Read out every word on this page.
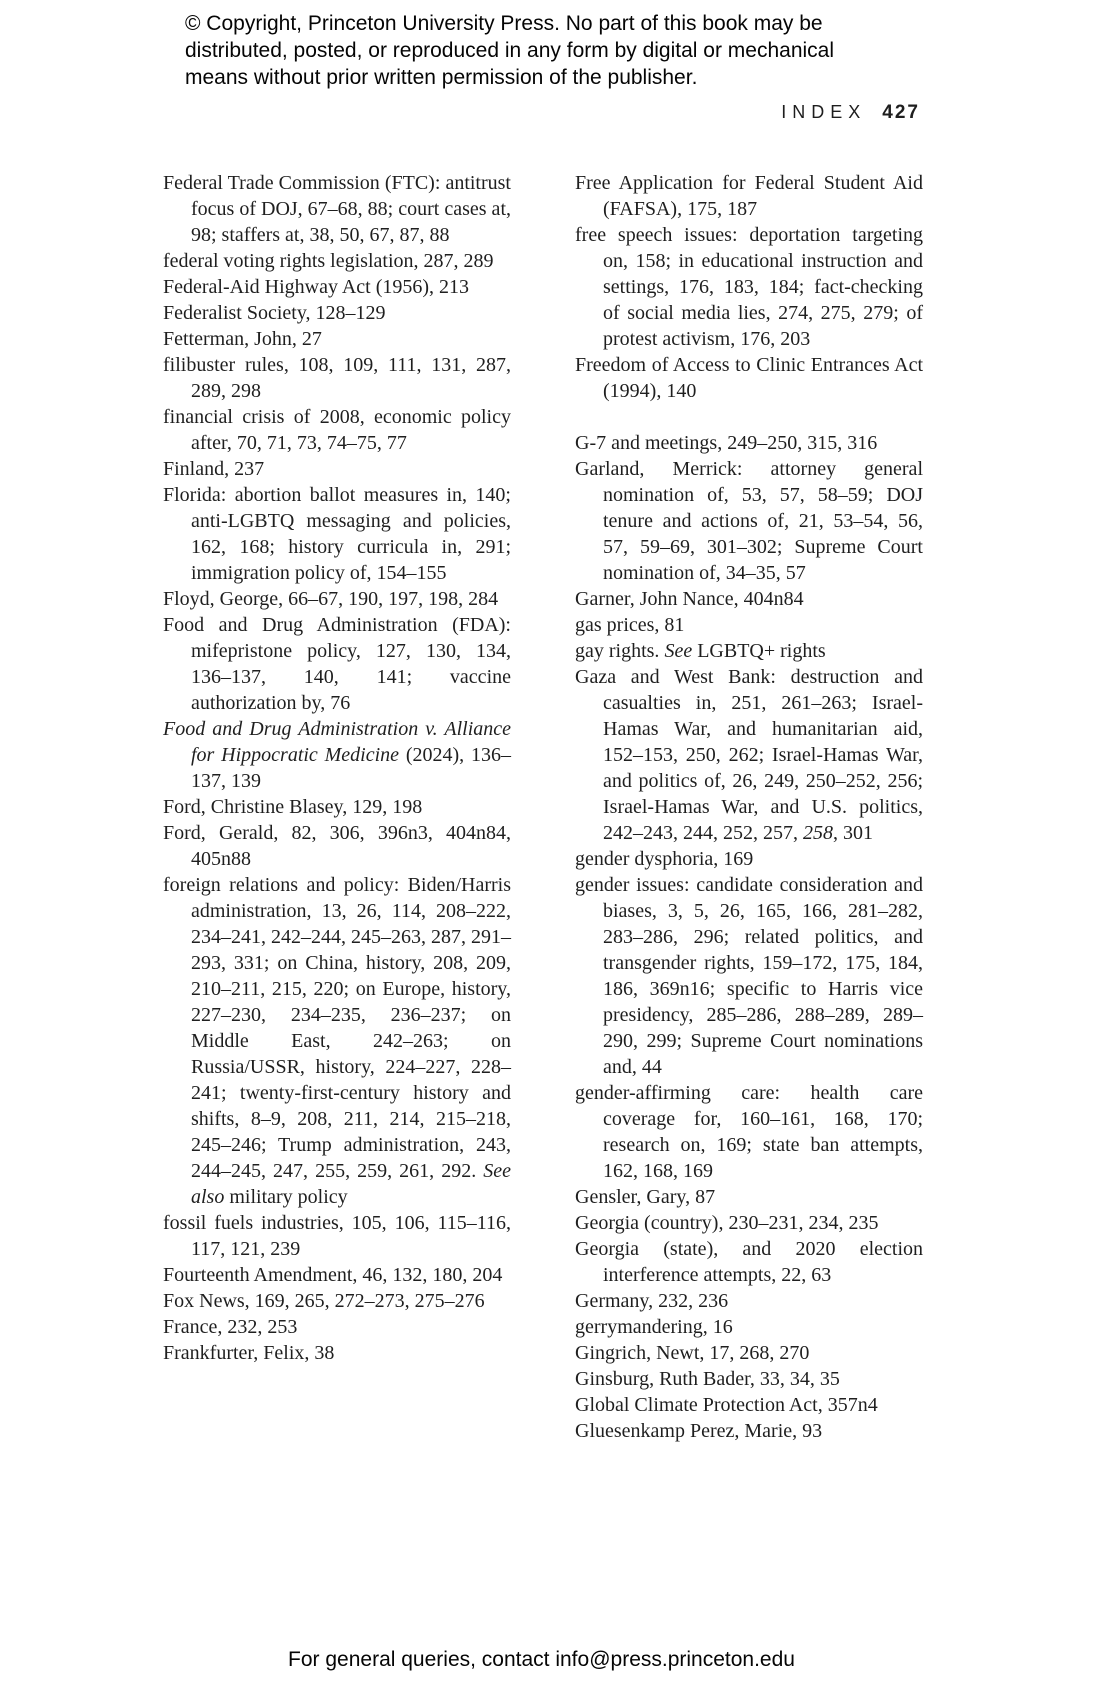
© Copyright, Princeton University Press. No part of this book may be
distributed, posted, or reproduced in any form by digital or mechanical
means without prior written permission of the publisher.
INDEX 427
Federal Trade Commission (FTC): antitrust focus of DOJ, 67–68, 88; court cases at, 98; staffers at, 38, 50, 67, 87, 88
federal voting rights legislation, 287, 289
Federal-Aid Highway Act (1956), 213
Federalist Society, 128–129
Fetterman, John, 27
filibuster rules, 108, 109, 111, 131, 287, 289, 298
financial crisis of 2008, economic policy after, 70, 71, 73, 74–75, 77
Finland, 237
Florida: abortion ballot measures in, 140; anti-LGBTQ messaging and policies, 162, 168; history curricula in, 291; immigration policy of, 154–155
Floyd, George, 66–67, 190, 197, 198, 284
Food and Drug Administration (FDA): mifepristone policy, 127, 130, 134, 136–137, 140, 141; vaccine authorization by, 76
Food and Drug Administration v. Alliance for Hippocratic Medicine (2024), 136–137, 139
Ford, Christine Blasey, 129, 198
Ford, Gerald, 82, 306, 396n3, 404n84, 405n88
foreign relations and policy: Biden/Harris administration, 13, 26, 114, 208–222, 234–241, 242–244, 245–263, 287, 291–293, 331; on China, history, 208, 209, 210–211, 215, 220; on Europe, history, 227–230, 234–235, 236–237; on Middle East, 242–263; on Russia/USSR, history, 224–227, 228–241; twenty-first-century history and shifts, 8–9, 208, 211, 214, 215–218, 245–246; Trump administration, 243, 244–245, 247, 255, 259, 261, 292. See also military policy
fossil fuels industries, 105, 106, 115–116, 117, 121, 239
Fourteenth Amendment, 46, 132, 180, 204
Fox News, 169, 265, 272–273, 275–276
France, 232, 253
Frankfurter, Felix, 38
Free Application for Federal Student Aid (FAFSA), 175, 187
free speech issues: deportation targeting on, 158; in educational instruction and settings, 176, 183, 184; fact-checking of social media lies, 274, 275, 279; of protest activism, 176, 203
Freedom of Access to Clinic Entrances Act (1994), 140
G-7 and meetings, 249–250, 315, 316
Garland, Merrick: attorney general nomination of, 53, 57, 58–59; DOJ tenure and actions of, 21, 53–54, 56, 57, 59–69, 301–302; Supreme Court nomination of, 34–35, 57
Garner, John Nance, 404n84
gas prices, 81
gay rights. See LGBTQ+ rights
Gaza and West Bank: destruction and casualties in, 251, 261–263; Israel-Hamas War, and humanitarian aid, 152–153, 250, 262; Israel-Hamas War, and politics of, 26, 249, 250–252, 256; Israel-Hamas War, and U.S. politics, 242–243, 244, 252, 257, 258, 301
gender dysphoria, 169
gender issues: candidate consideration and biases, 3, 5, 26, 165, 166, 281–282, 283–286, 296; related politics, and transgender rights, 159–172, 175, 184, 186, 369n16; specific to Harris vice presidency, 285–286, 288–289, 289–290, 299; Supreme Court nominations and, 44
gender-affirming care: health care coverage for, 160–161, 168, 170; research on, 169; state ban attempts, 162, 168, 169
Gensler, Gary, 87
Georgia (country), 230–231, 234, 235
Georgia (state), and 2020 election interference attempts, 22, 63
Germany, 232, 236
gerrymandering, 16
Gingrich, Newt, 17, 268, 270
Ginsburg, Ruth Bader, 33, 34, 35
Global Climate Protection Act, 357n4
Gluesenkamp Perez, Marie, 93
For general queries, contact info@press.princeton.edu
